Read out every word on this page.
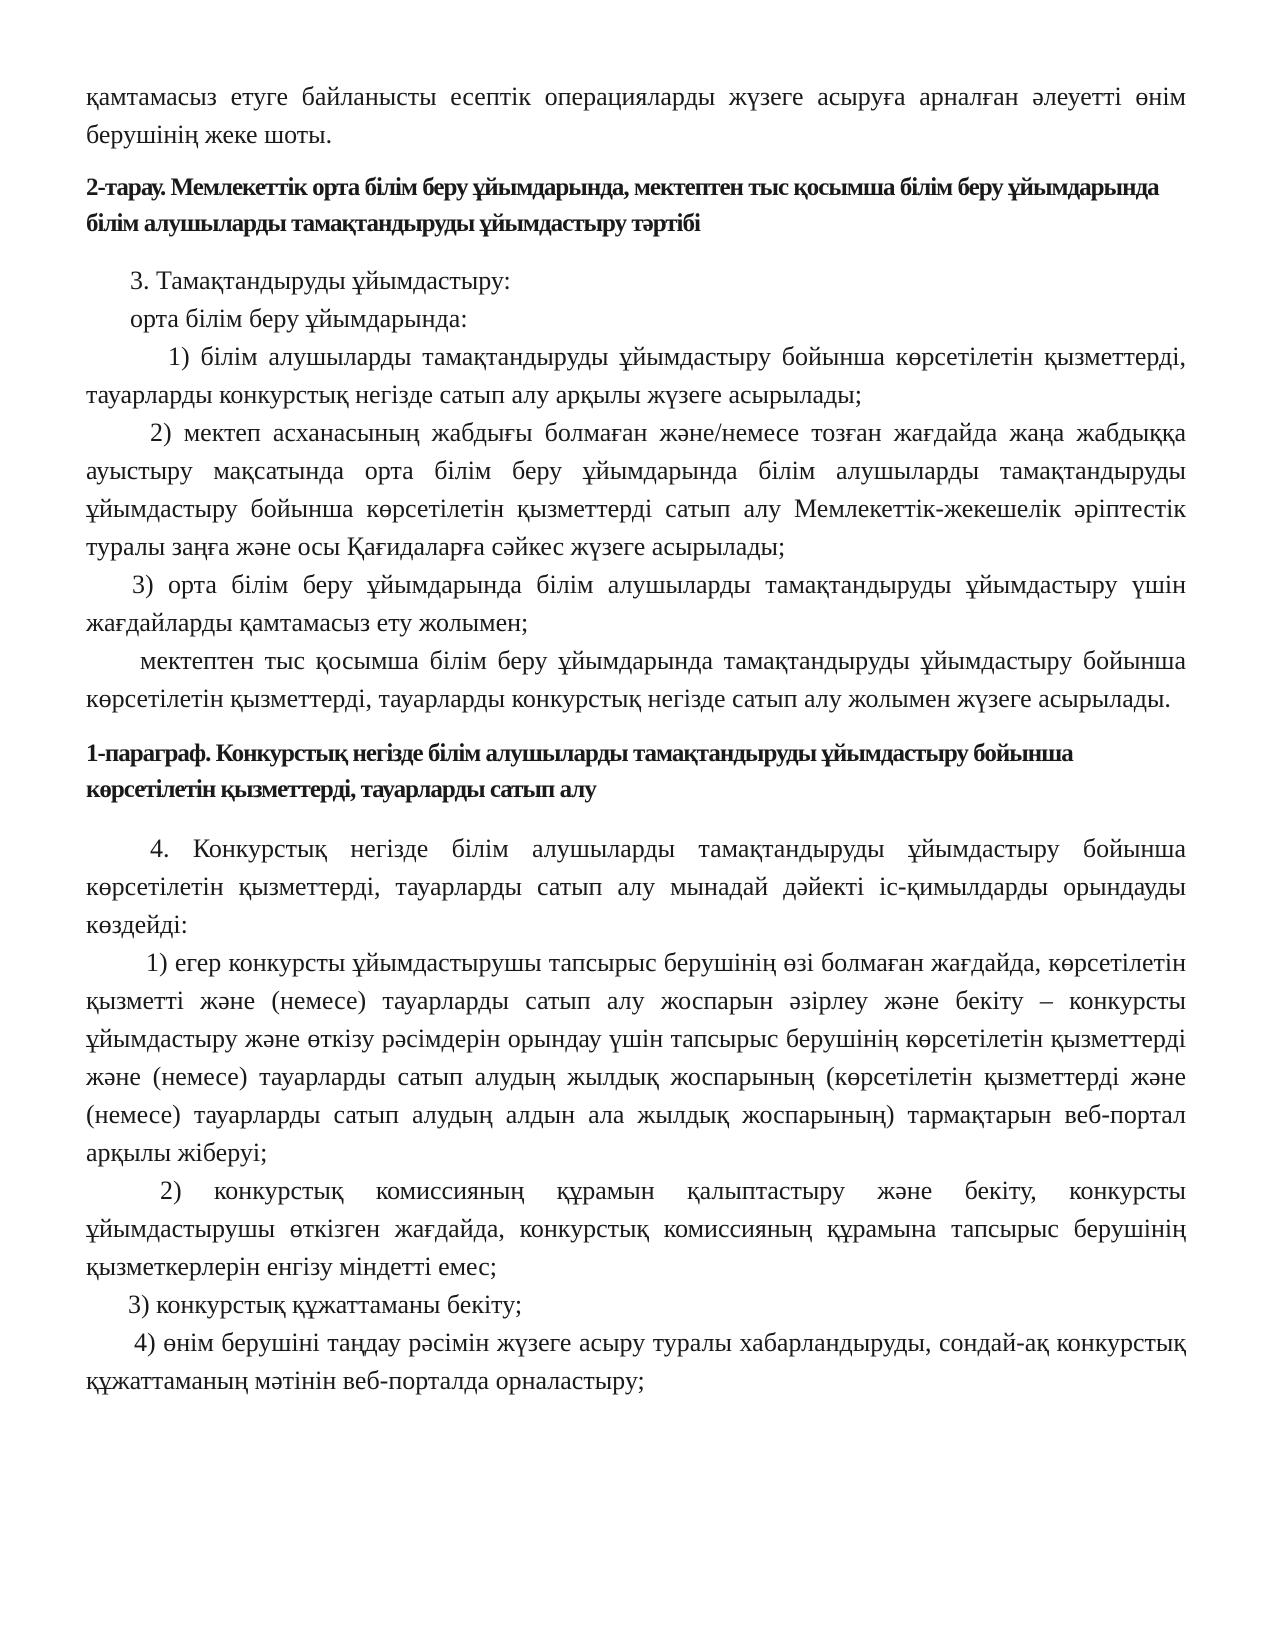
қамтамасыз етуге байланысты есептік операцияларды жүзеге асыруға арналған әлеуетті өнім берушінің жеке шоты.

2-тарау. Мемлекеттік орта білім беру ұйымдарында, мектептен тыс қосымша білім беру ұйымдарында білім алушыларды тамақтандыруды ұйымдастыру тәртібі

3. Тамақтандыруды ұйымдастыру:

орта білім беру ұйымдарында:

1) білім алушыларды тамақтандыруды ұйымдастыру бойынша көрсетілетін қызметтерді, тауарларды конкурстық негізде сатып алу арқылы жүзеге асырылады;

2) мектеп асханасының жабдығы болмаған және/немесе тозған жағдайда жаңа жабдыққа ауыстыру мақсатында орта білім беру ұйымдарында білім алушыларды тамақтандыруды ұйымдастыру бойынша көрсетілетін қызметтерді сатып алу Мемлекеттік-жекешелік әріптестік туралы заңға және осы Қағидаларға сәйкес жүзеге асырылады;

3) орта білім беру ұйымдарында білім алушыларды тамақтандыруды ұйымдастыру үшін жағдайларды қамтамасыз ету жолымен;

мектептен тыс қосымша білім беру ұйымдарында тамақтандыруды ұйымдастыру бойынша көрсетілетін қызметтерді, тауарларды конкурстық негізде сатып алу жолымен жүзеге асырылады.

1-параграф. Конкурстық негізде білім алушыларды тамақтандыруды ұйымдастыру бойынша көрсетілетін қызметтерді, тауарларды сатып алу

4. Конкурстық негізде білім алушыларды тамақтандыруды ұйымдастыру бойынша көрсетілетін қызметтерді, тауарларды сатып алу мынадай дәйекті іс-қимылдарды орындауды көздейді:

1) егер конкурсты ұйымдастырушы тапсырыс берушінің өзі болмаған жағдайда, көрсетілетін қызметті және (немесе) тауарларды сатып алу жоспарын әзірлеу және бекіту – конкурсты ұйымдастыру және өткізу рәсімдерін орындау үшін тапсырыс берушінің көрсетілетін қызметтерді және (немесе) тауарларды сатып алудың жылдық жоспарының (көрсетілетін қызметтерді және (немесе) тауарларды сатып алудың алдын ала жылдық жоспарының) тармақтарын веб-портал арқылы жіберуі;

2) конкурстық комиссияның құрамын қалыптастыру және бекіту, конкурсты ұйымдастырушы өткізген жағдайда, конкурстық комиссияның құрамына тапсырыс берушінің қызметкерлерін енгізу міндетті емес;

3) конкурстық құжаттаманы бекіту;

4) өнім берушіні таңдау рәсімін жүзеге асыру туралы хабарландыруды, сондай-ақ конкурстық құжаттаманың мәтінін веб-порталда орналастыру;
